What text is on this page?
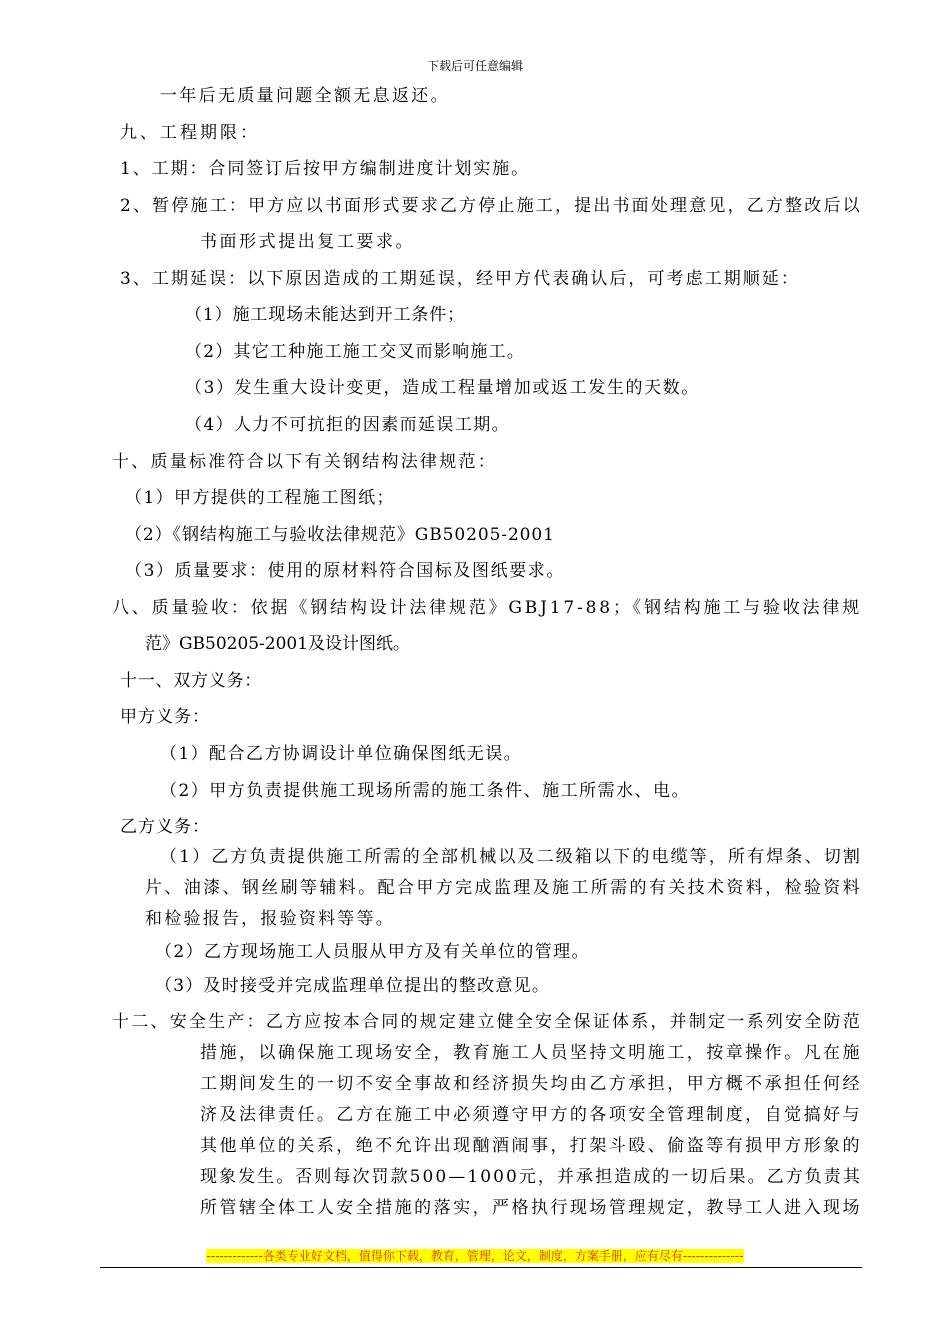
下载后可任意编辑
一年后无质量问题全额无息返还。
九、工程期限：
1、工期：合同签订后按甲方编制进度计划实施。
2、暂停施工：甲方应以书面形式要求乙方停止施工，提出书面处理意见，乙方整改后以
书面形式提出复工要求。
3、工期延误：以下原因造成的工期延误，经甲方代表确认后，可考虑工期顺延：
（1）施工现场未能达到开工条件；
（2）其它工种施工施工交叉而影响施工。
（3）发生重大设计变更，造成工程量增加或返工发生的天数。
（4）人力不可抗拒的因素而延误工期。
十、质量标准符合以下有关钢结构法律规范：
（1）甲方提供的工程施工图纸；
（2）《钢结构施工与验收法律规范》GB50205-2001
（3）质量要求：使用的原材料符合国标及图纸要求。
八、质量验收：依据《钢结构设计法律规范》GBJ17-88；《钢结构施工与验收法律规
范》GB50205-2001及设计图纸。
十一、双方义务：
甲方义务：
（1）配合乙方协调设计单位确保图纸无误。
（2）甲方负责提供施工现场所需的施工条件、施工所需水、电。
乙方义务：
（1）乙方负责提供施工所需的全部机械以及二级箱以下的电缆等，所有焊条、切割
片、油漆、钢丝刷等辅料。配合甲方完成监理及施工所需的有关技术资料，检验资料
和检验报告，报验资料等等。
（2）乙方现场施工人员服从甲方及有关单位的管理。
（3）及时接受并完成监理单位提出的整改意见。
十二、安全生产：乙方应按本合同的规定建立健全安全保证体系，并制定一系列安全防范
措施，以确保施工现场安全，教育施工人员坚持文明施工，按章操作。凡在施
工期间发生的一切不安全事故和经济损失均由乙方承担，甲方概不承担任何经
济及法律责任。乙方在施工中必须遵守甲方的各项安全管理制度，自觉搞好与
其他单位的关系，绝不允许出现酗酒闹事，打架斗殴、偷盗等有损甲方形象的
现象发生。否则每次罚款500—1000元，并承担造成的一切后果。乙方负责其
所管辖全体工人安全措施的落实，严格执行现场管理规定，教导工人进入现场
-------------各类专业好文档，值得你下载，教育，管理，论文，制度，方案手册，应有尽有--------------
